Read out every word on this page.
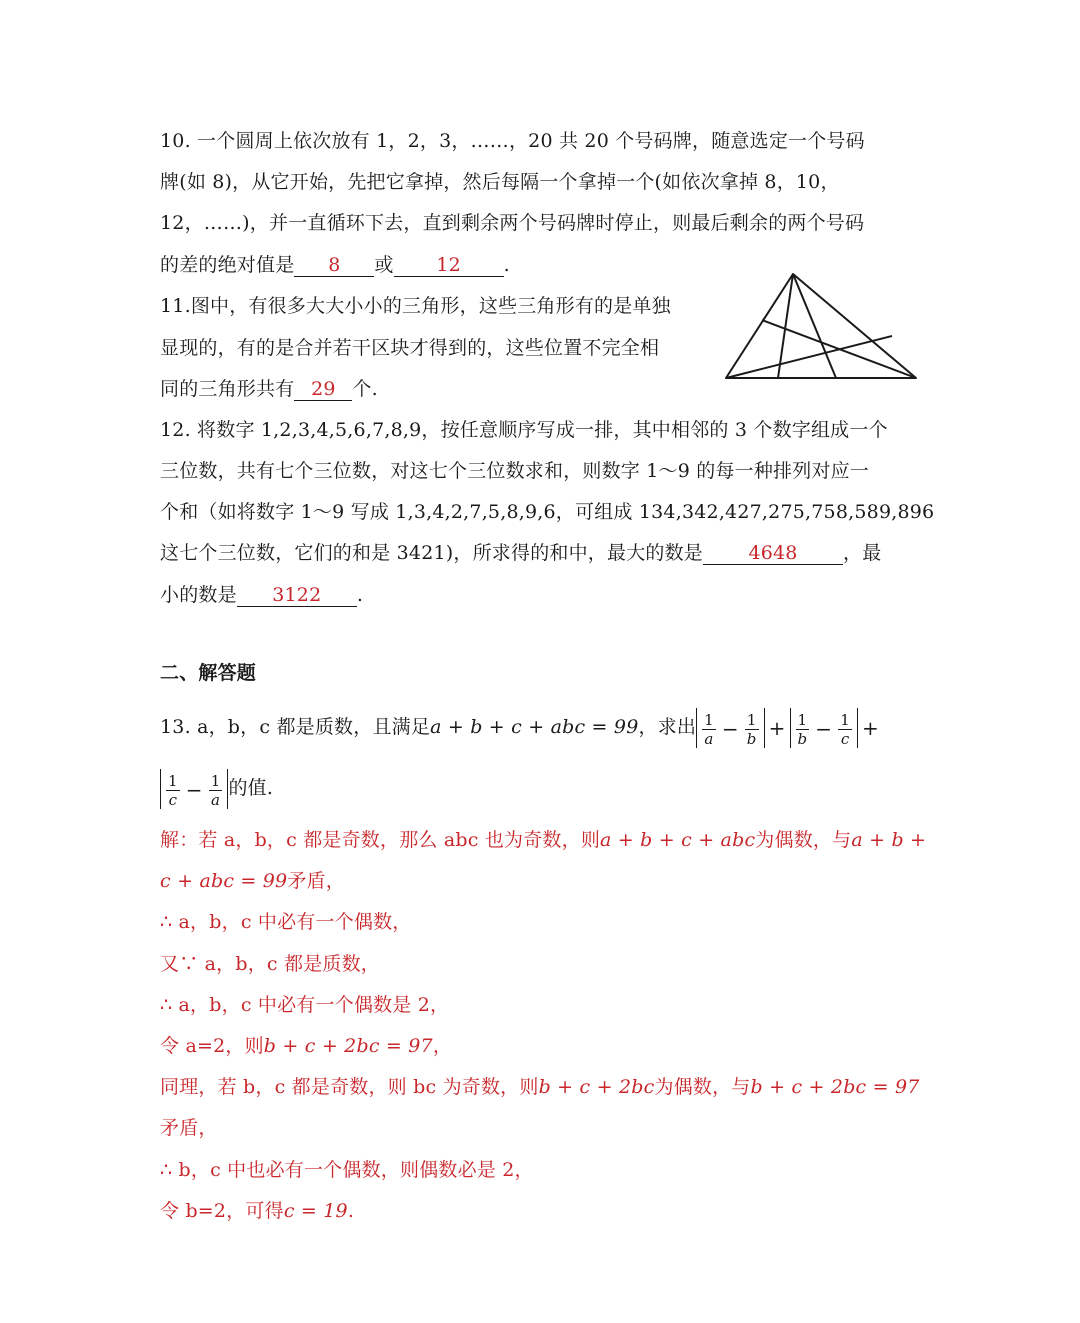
10. 一个圆周上依次放有 1，2，3，……，20 共 20 个号码牌，随意选定一个号码
牌(如 8)，从它开始，先把它拿掉，然后每隔一个拿掉一个(如依次拿掉 8，10，
12，……)，并一直循环下去，直到剩余两个号码牌时停止，则最后剩余的两个号码
的差的绝对值是 8 或 12 .
11.图中，有很多大大小小的三角形，这些三角形有的是单独
显现的，有的是合并若干区块才得到的，这些位置不完全相
同的三角形共有 29 个.
12. 将数字 1,2,3,4,5,6,7,8,9，按任意顺序写成一排，其中相邻的 3 个数字组成一个
三位数，共有七个三位数，对这七个三位数求和，则数字 1～9 的每一种排列对应一
个和（如将数字 1～9 写成 1,3,4,2,7,5,8,9,6，可组成 134,342,427,275,758,589,896
这七个三位数，它们的和是 3421)，所求得的和中，最大的数是 4648 ，最
小的数是 3122 .
二、解答题
13. a，b，c 都是质数，且满足a + b + c + abc = 99，求出 $\frac{1}{a} - \frac{1}{b} + \frac{1}{b} - \frac{1}{c}$ +
$\frac{1}{c} - \frac{1}{a}$ 的值.
解：若 a，b，c 都是奇数，那么 abc 也为奇数，则a + b + c + abc为偶数，与a + b +
c + abc = 99矛盾，
∴ a，b，c 中必有一个偶数，
又∵ a，b，c 都是质数，
∴ a，b，c 中必有一个偶数是 2，
令 a=2，则b + c + 2bc = 97，
同理，若 b，c 都是奇数，则 bc 为奇数，则b + c + 2bc为偶数，与b + c + 2bc = 97
矛盾，
∴ b，c 中也必有一个偶数，则偶数必是 2，
令 b=2，可得c = 19.
